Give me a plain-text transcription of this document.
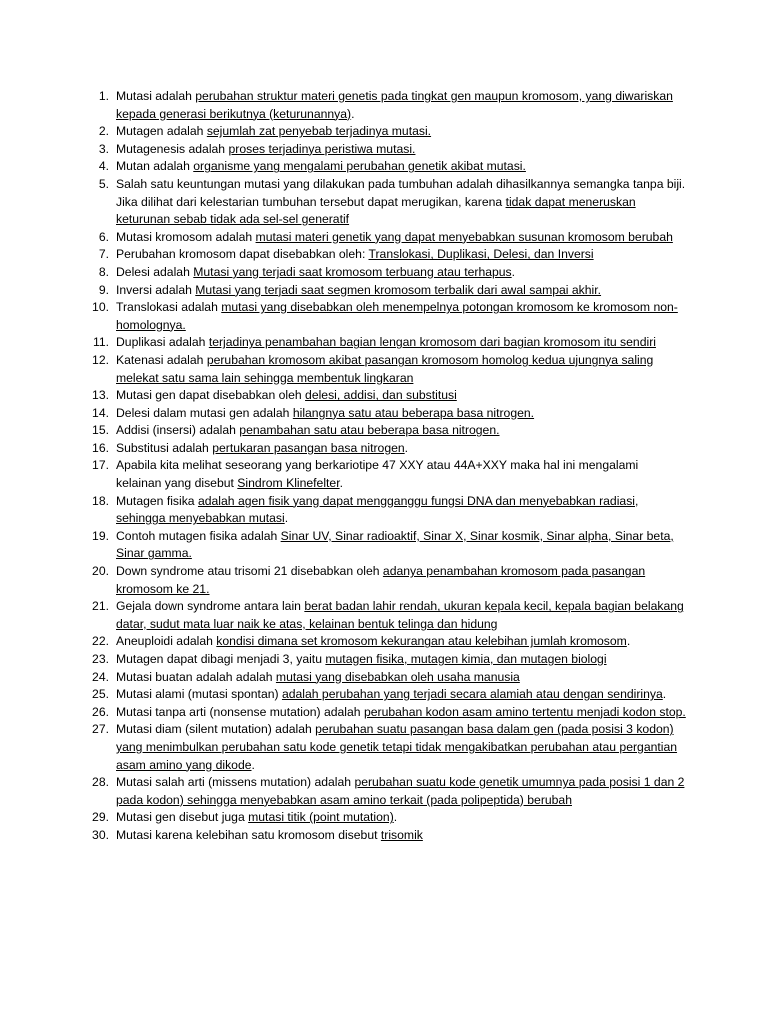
1. Mutasi adalah perubahan struktur materi genetis pada tingkat gen maupun kromosom, yang diwariskan kepada generasi berikutnya (keturunannya).
2. Mutagen adalah sejumlah zat penyebab terjadinya mutasi.
3. Mutagenesis adalah proses terjadinya peristiwa mutasi.
4. Mutan adalah organisme yang mengalami perubahan genetik akibat mutasi.
5. Salah satu keuntungan mutasi yang dilakukan pada tumbuhan adalah dihasilkannya semangka tanpa biji. Jika dilihat dari kelestarian tumbuhan tersebut dapat merugikan, karena tidak dapat meneruskan keturunan sebab tidak ada sel-sel generatif
6. Mutasi kromosom adalah mutasi materi genetik yang dapat menyebabkan susunan kromosom berubah
7. Perubahan kromosom dapat disebabkan oleh: Translokasi, Duplikasi, Delesi, dan Inversi
8. Delesi adalah Mutasi yang terjadi saat kromosom terbuang atau terhapus.
9. Inversi adalah Mutasi yang terjadi saat segmen kromosom terbalik dari awal sampai akhir.
10. Translokasi adalah mutasi yang disebabkan oleh menempelnya potongan kromosom ke kromosom non-homolognya.
11. Duplikasi adalah terjadinya penambahan bagian lengan kromosom dari bagian kromosom itu sendiri
12. Katenasi adalah perubahan kromosom akibat pasangan kromosom homolog kedua ujungnya saling melekat satu sama lain sehingga membentuk lingkaran
13. Mutasi gen dapat disebabkan oleh delesi, addisi, dan substitusi
14. Delesi dalam mutasi gen adalah hilangnya satu atau beberapa basa nitrogen.
15. Addisi (insersi) adalah penambahan satu atau beberapa basa nitrogen.
16. Substitusi adalah pertukaran pasangan basa nitrogen.
17. Apabila kita melihat seseorang yang berkariotipe 47 XXY atau 44A+XXY maka hal ini mengalami kelainan yang disebut Sindrom Klinefelter.
18. Mutagen fisika adalah agen fisik yang dapat mengganggu fungsi DNA dan menyebabkan radiasi, sehingga menyebabkan mutasi.
19. Contoh mutagen fisika adalah Sinar UV, Sinar radioaktif, Sinar X, Sinar kosmik, Sinar alpha, Sinar beta, Sinar gamma.
20. Down syndrome atau trisomi 21 disebabkan oleh adanya penambahan kromosom pada pasangan kromosom ke 21.
21. Gejala down syndrome antara lain berat badan lahir rendah, ukuran kepala kecil, kepala bagian belakang datar, sudut mata luar naik ke atas, kelainan bentuk telinga dan hidung
22. Aneuploidi adalah kondisi dimana set kromosom kekurangan atau kelebihan jumlah kromosom.
23. Mutagen dapat dibagi menjadi 3, yaitu mutagen fisika, mutagen kimia, dan mutagen biologi
24. Mutasi buatan adalah adalah mutasi yang disebabkan oleh usaha manusia
25. Mutasi alami (mutasi spontan) adalah perubahan yang terjadi secara alamiah atau dengan sendirinya.
26. Mutasi tanpa arti (nonsense mutation) adalah perubahan kodon asam amino tertentu menjadi kodon stop.
27. Mutasi diam (silent mutation) adalah perubahan suatu pasangan basa dalam gen (pada posisi 3 kodon) yang menimbulkan perubahan satu kode genetik tetapi tidak mengakibatkan perubahan atau pergantian asam amino yang dikode.
28. Mutasi salah arti (missens mutation) adalah perubahan suatu kode genetik umumnya pada posisi 1 dan 2 pada kodon) sehingga menyebabkan asam amino terkait (pada polipeptida) berubah
29. Mutasi gen disebut juga mutasi titik (point mutation).
30. Mutasi karena kelebihan satu kromosom disebut trisomik
